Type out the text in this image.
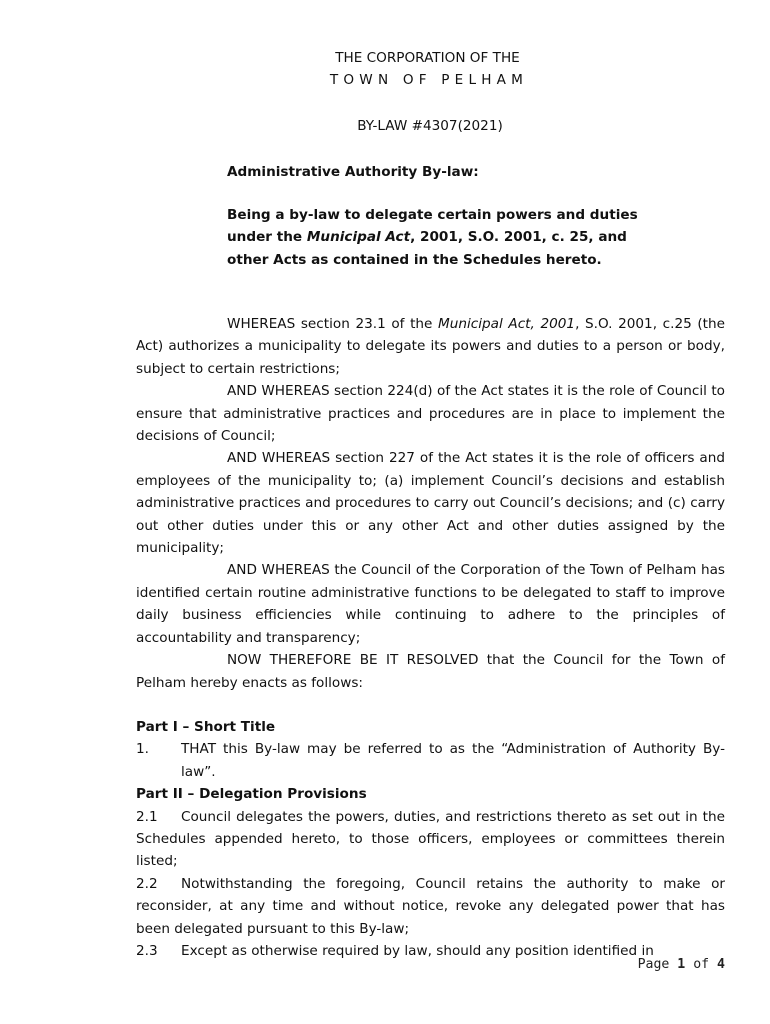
THE CORPORATION OF THE
TOWN OF PELHAM
BY-LAW #4307(2021)
Administrative Authority By-law:
Being a by-law to delegate certain powers and duties under the Municipal Act, 2001, S.O. 2001, c. 25, and other Acts as contained in the Schedules hereto.

WHEREAS section 23.1 of the Municipal Act, 2001, S.O. 2001, c.25 (the Act) authorizes a municipality to delegate its powers and duties to a person or body, subject to certain restrictions;

AND WHEREAS section 224(d) of the Act states it is the role of Council to ensure that administrative practices and procedures are in place to implement the decisions of Council;

AND WHEREAS section 227 of the Act states it is the role of officers and employees of the municipality to; (a) implement Council’s decisions and establish administrative practices and procedures to carry out Council’s decisions; and (c) carry out other duties under this or any other Act and other duties assigned by the municipality;

AND WHEREAS the Council of the Corporation of the Town of Pelham has identified certain routine administrative functions to be delegated to staff to improve daily business efficiencies while continuing to adhere to the principles of accountability and transparency;

NOW THEREFORE BE IT RESOLVED that the Council for the Town of Pelham hereby enacts as follows:

Part I – Short Title

1.	THAT this By-law may be referred to as the “Administration of Authority By-law”.

Part II – Delegation Provisions

2.1 Council delegates the powers, duties, and restrictions thereto as set out in the Schedules appended hereto, to those officers, employees or committees therein listed;

2.2 Notwithstanding the foregoing, Council retains the authority to make or reconsider, at any time and without notice, revoke any delegated power that has been delegated pursuant to this By-law;

2.3 Except as otherwise required by law, should any position identified in

Page 1 of 4
